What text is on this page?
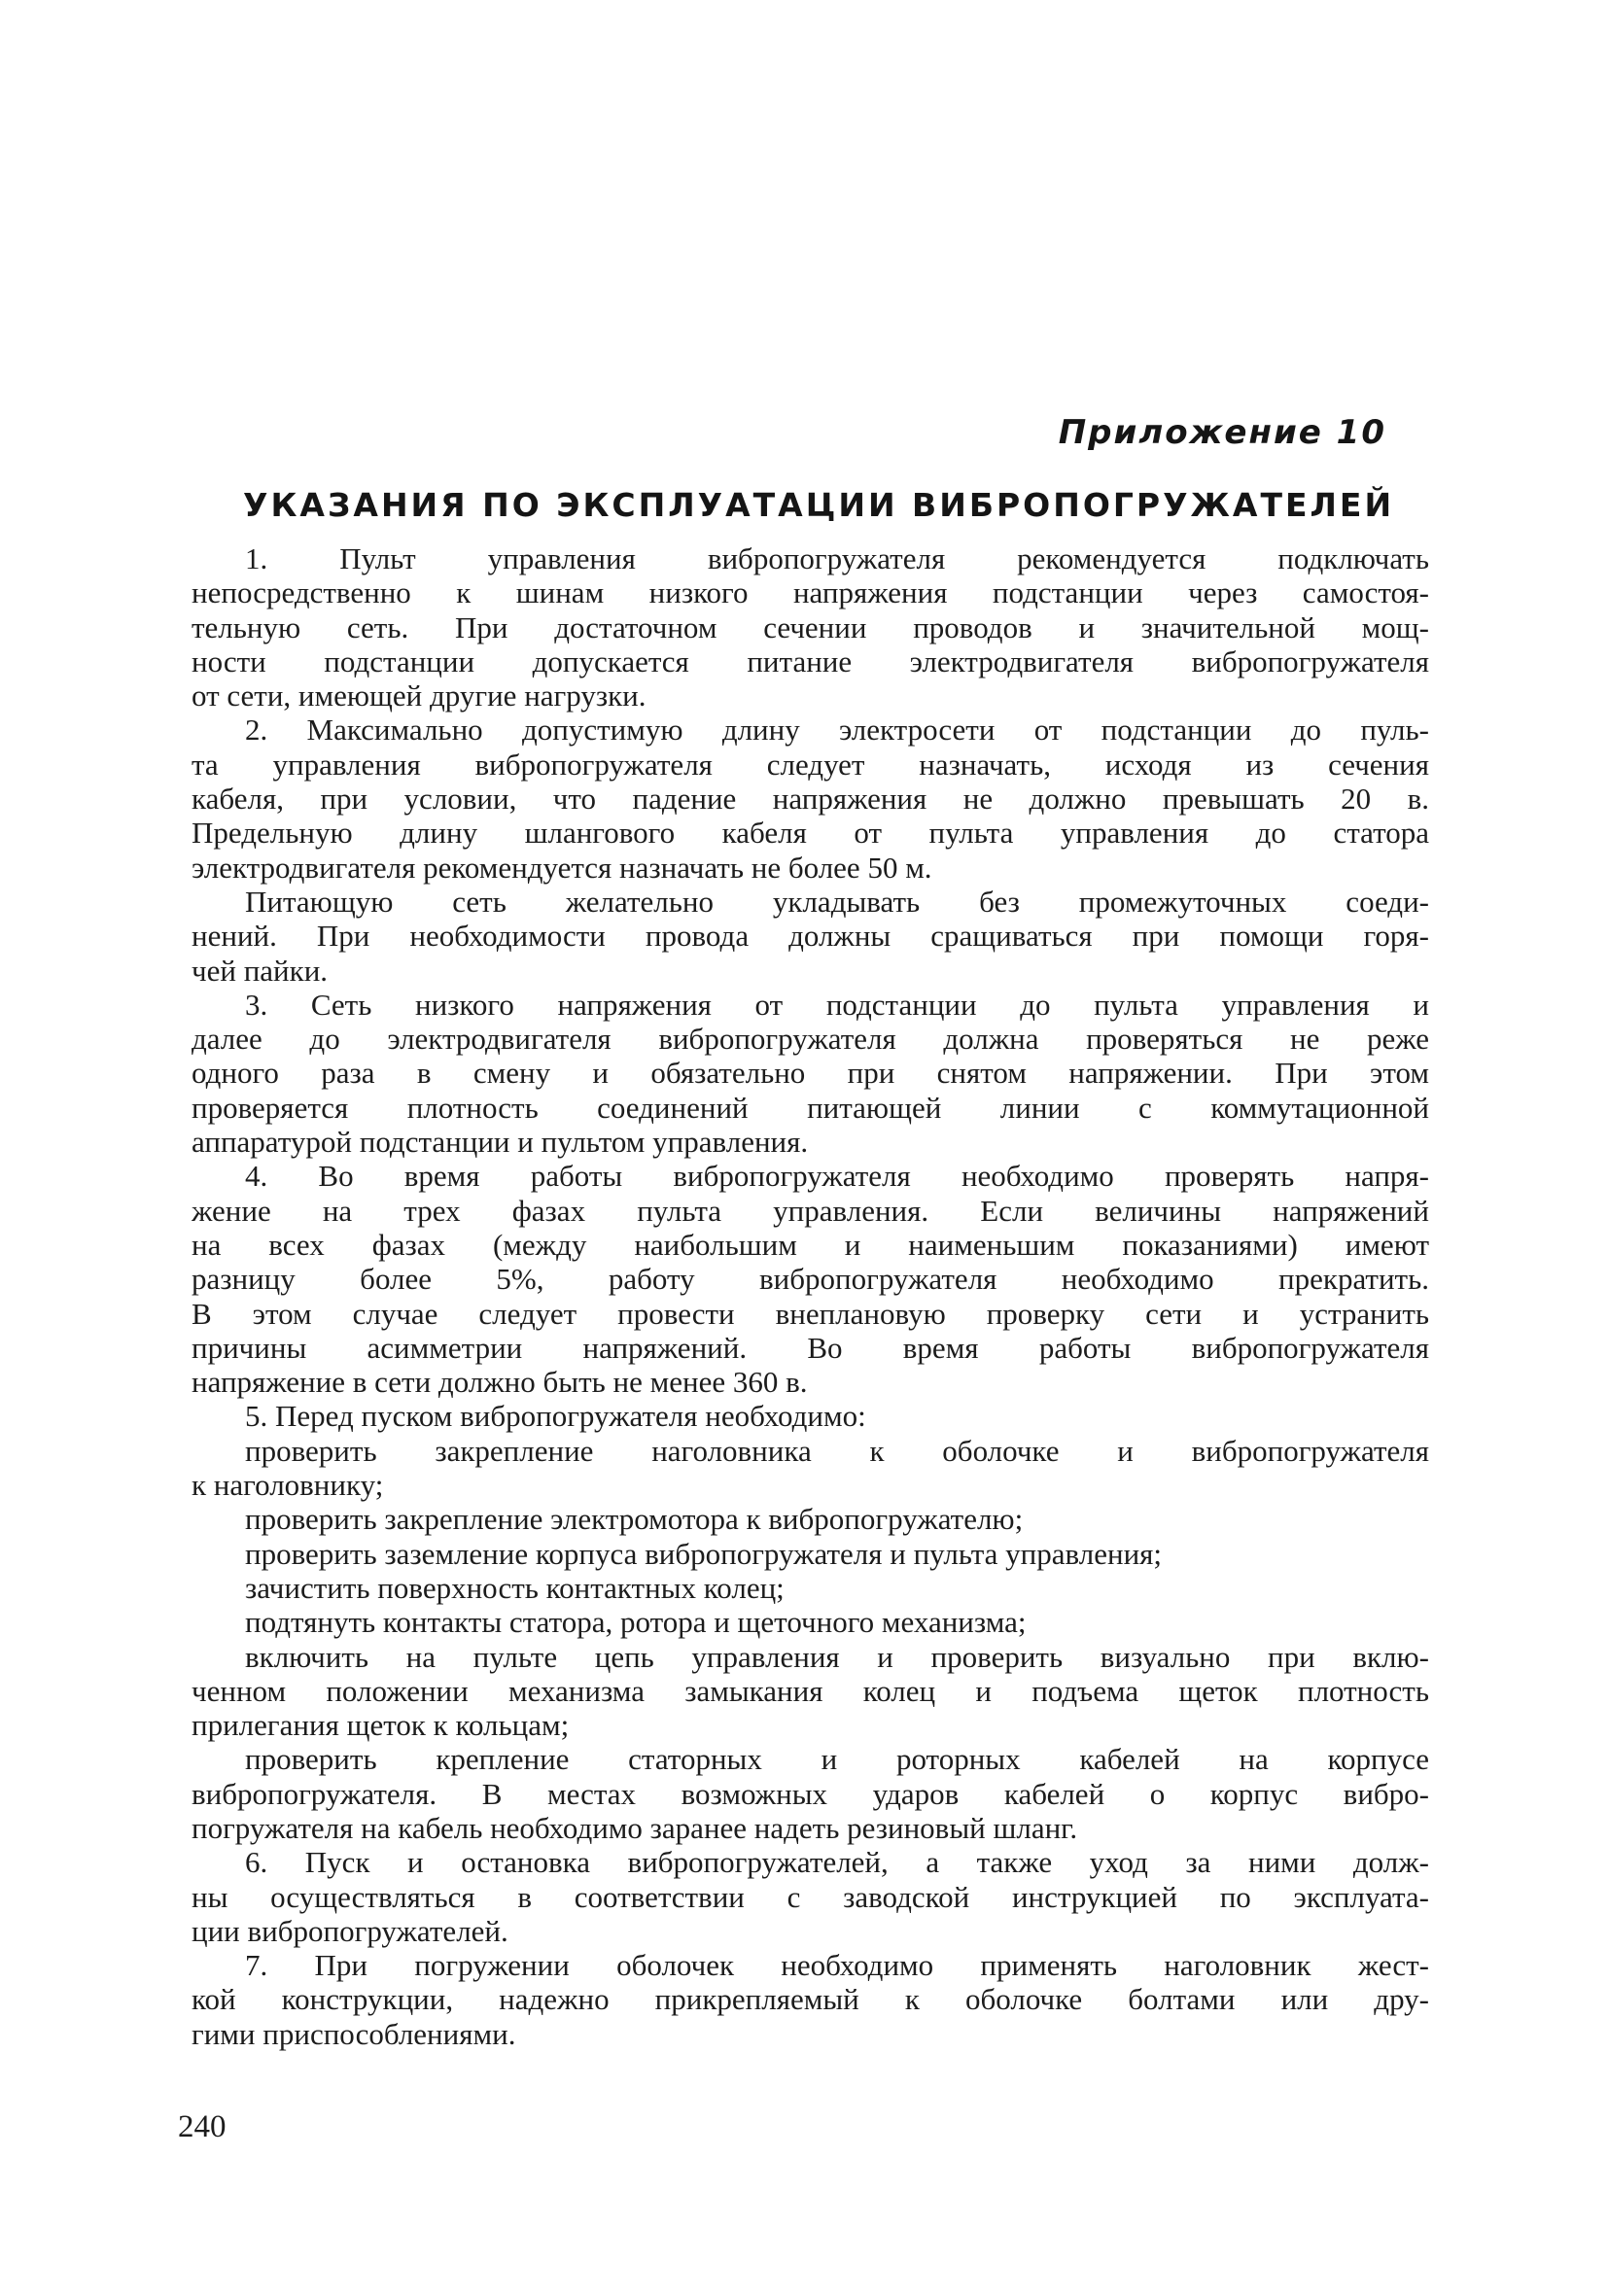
Приложение 10
УКАЗАНИЯ ПО ЭКСПЛУАТАЦИИ ВИБРОПОГРУЖАТЕЛЕЙ
1. Пульт управления вибропогружателя рекомендуется подключать
непосредственно к шинам низкого напряжения подстанции через самостоя-
тельную сеть. При достаточном сечении проводов и значительной мощ-
ности подстанции допускается питание электродвигателя вибропогружателя
от сети, имеющей другие нагрузки.
2. Максимально допустимую длину электросети от подстанции до пуль-
та управления вибропогружателя следует назначать, исходя из сечения
кабеля, при условии, что падение напряжения не должно превышать 20 в.
Предельную длину шлангового кабеля от пульта управления до статора
электродвигателя рекомендуется назначать не более 50 м.
Питающую сеть желательно укладывать без промежуточных соеди-
нений. При необходимости провода должны сращиваться при помощи горя-
чей пайки.
3. Сеть низкого напряжения от подстанции до пульта управления и
далее до электродвигателя вибропогружателя должна проверяться не реже
одного раза в смену и обязательно при снятом напряжении. При этом
проверяется плотность соединений питающей линии с коммутационной
аппаратурой подстанции и пультом управления.
4. Во время работы вибропогружателя необходимо проверять напря-
жение на трех фазах пульта управления. Если величины напряжений
на всех фазах (между наибольшим и наименьшим показаниями) имеют
разницу более 5%, работу вибропогружателя необходимо прекратить.
В этом случае следует провести внеплановую проверку сети и устранить
причины асимметрии напряжений. Во время работы вибропогружателя
напряжение в сети должно быть не менее 360 в.
5. Перед пуском вибропогружателя необходимо:
проверить закрепление наголовника к оболочке и вибропогружателя
к наголовнику;
проверить закрепление электромотора к вибропогружателю;
проверить заземление корпуса вибропогружателя и пульта управления;
зачистить поверхность контактных колец;
подтянуть контакты статора, ротора и щеточного механизма;
включить на пульте цепь управления и проверить визуально при вклю-
ченном положении механизма замыкания колец и подъема щеток плотность
прилегания щеток к кольцам;
проверить крепление статорных и роторных кабелей на корпусе
вибропогружателя. В местах возможных ударов кабелей о корпус вибро-
погружателя на кабель необходимо заранее надеть резиновый шланг.
6. Пуск и остановка вибропогружателей, а также уход за ними долж-
ны осуществляться в соответствии с заводской инструкцией по эксплуата-
ции вибропогружателей.
7. При погружении оболочек необходимо применять наголовник жест-
кой конструкции, надежно прикрепляемый к оболочке болтами или дру-
гими приспособлениями.
240
